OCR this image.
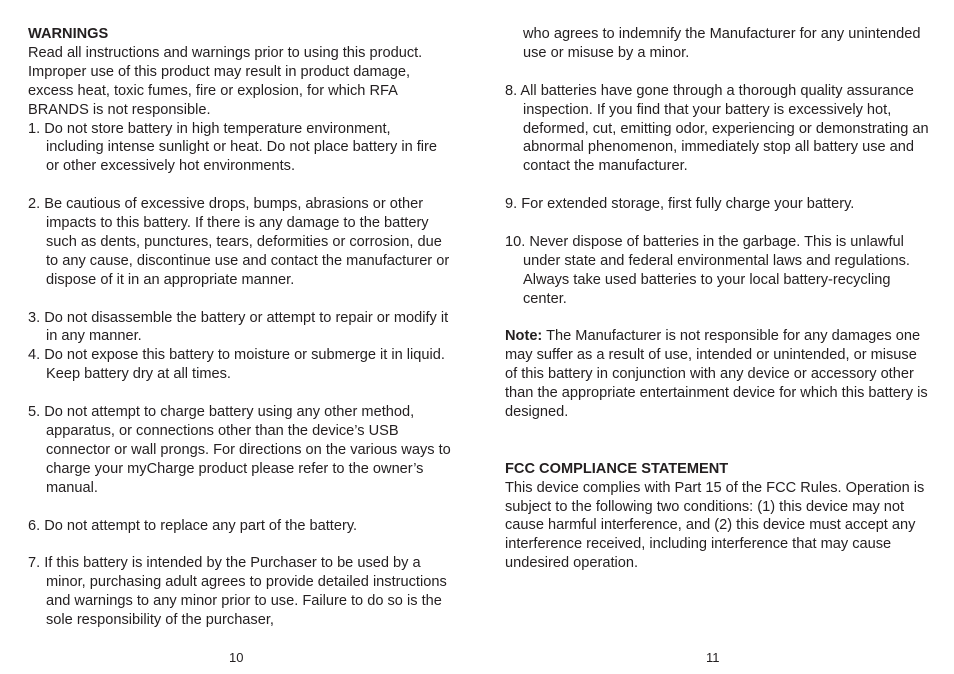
WARNINGS

Read all instructions and warnings prior to using this product. Improper use of this product may result in product damage, excess heat, toxic fumes, fire or explosion, for which RFA BRANDS is not responsible.

1. Do not store battery in high temperature environment, including intense sunlight or heat. Do not place battery in fire or other excessively hot environments.

2. Be cautious of excessive drops, bumps, abrasions or other impacts to this battery. If there is any damage to the battery such as dents, punctures, tears, deformities or corrosion, due to any cause, discontinue use and contact the manufacturer or dispose of it in an appropriate manner.

3. Do not disassemble the battery or attempt to repair or modify it in any manner.

4. Do not expose this battery to moisture or submerge it in liquid. Keep battery dry at all times.

5. Do not attempt to charge battery using any other method, apparatus, or connections other than the device’s USB connector or wall prongs. For directions on the various ways to charge your myCharge product please refer to the owner’s manual.

6. Do not attempt to replace any part of the battery.

7. If this battery is intended by the Purchaser to be used by a minor, purchasing adult agrees to provide detailed instructions and warnings to any minor prior to use. Failure to do so is the sole responsibility of the purchaser,

10

who agrees to indemnify the Manufacturer for any unintended use or misuse by a minor.

8. All batteries have gone through a thorough quality assurance inspection. If you find that your battery is excessively hot, deformed, cut, emitting odor, experiencing or demonstrating an abnormal phenomenon, immediately stop all battery use and contact the manufacturer.

9. For extended storage, first fully charge your battery.

10. Never dispose of batteries in the garbage. This is unlawful under state and federal environmental laws and regulations. Always take used batteries to your local battery-recycling center.

Note: The Manufacturer is not responsible for any damages one may suffer as a result of use, intended or unintended, or misuse of this battery in conjunction with any device or accessory other than the appropriate entertainment device for which this battery is designed.

FCC COMPLIANCE STATEMENT

This device complies with Part 15 of the FCC Rules. Operation is subject to the following two conditions: (1) this device may not cause harmful interference, and (2) this device must accept any interference received, including interference that may cause undesired operation.

11
